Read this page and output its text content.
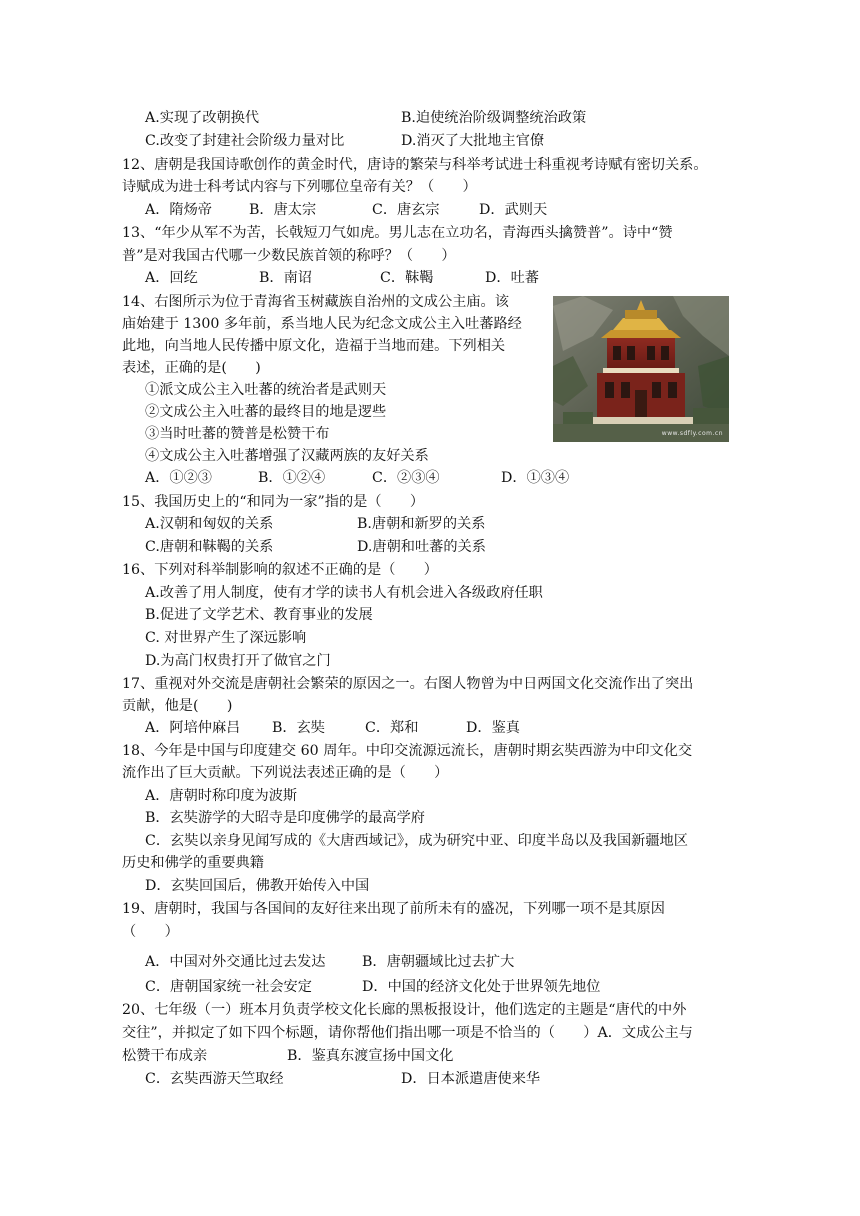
A.实现了改朝换代	B.迫使统治阶级调整统治政策
C.改变了封建社会阶级力量对比	D.消灭了大批地主官僚
12、唐朝是我国诗歌创作的黄金时代，唐诗的繁荣与科举考试进士科重视考诗赋有密切关系。
诗赋成为进士科考试内容与下列哪位皇帝有关？（　　）
A．隋炀帝	B．唐太宗	C．唐玄宗	D．武则天
13、“年少从军不为苦，长戟短刀气如虎。男儿志在立功名，青海西头擒赞普”。诗中“赞
普”是对我国古代哪一少数民族首领的称呼？（　　）
A．回纥	B．南诏	C．靺鞨	D．吐蕃
14、右图所示为位于青海省玉树藏族自治州的文成公主庙。该
庙始建于 1300 多年前，系当地人民为纪念文成公主入吐蕃路经
此地，向当地人民传播中原文化，造福于当地而建。下列相关
表述，正确的是(　　)
①派文成公主入吐蕃的统治者是武则天
②文成公主入吐蕃的最终目的地是逻些
③当时吐蕃的赞普是松赞干布
④文成公主入吐蕃增强了汉藏两族的友好关系
A．①②③	B．①②④	C．②③④	D．①③④
www.sdfly.com.cn
15、我国历史上的“和同为一家”指的是（　　）
A.汉朝和匈奴的关系	B.唐朝和新罗的关系
C.唐朝和靺鞨的关系	D.唐朝和吐蕃的关系
16、下列对科举制影响的叙述不正确的是（　　）
A.改善了用人制度，使有才学的读书人有机会进入各级政府任职
B.促进了文学艺术、教育事业的发展
C. 对世界产生了深远影响
D.为高门权贵打开了做官之门
17、重视对外交流是唐朝社会繁荣的原因之一。右图人物曾为中日两国文化交流作出了突出
贡献，他是(　　)
A．阿培仲麻吕 B．玄奘	C．郑和	D．鉴真
18、今年是中国与印度建交 60 周年。中印交流源远流长，唐朝时期玄奘西游为中印文化交
流作出了巨大贡献。下列说法表述正确的是（　　）
A．唐朝时称印度为波斯
B．玄奘游学的大昭寺是印度佛学的最高学府
C．玄奘以亲身见闻写成的《大唐西域记》，成为研究中亚、印度半岛以及我国新疆地区
历史和佛学的重要典籍
D．玄奘回国后，佛教开始传入中国
19、唐朝时，我国与各国间的友好往来出现了前所未有的盛况，下列哪一项不是其原因
（　　）
A．中国对外交通比过去发达	B．唐朝疆域比过去扩大
C．唐朝国家统一社会安定	D．中国的经济文化处于世界领先地位
20、七年级（一）班本月负责学校文化长廊的黑板报设计，他们选定的主题是“唐代的中外
交往”，并拟定了如下四个标题，请你帮他们指出哪一项是不恰当的（　　）A．文成公主与
松赞干布成亲	B．鉴真东渡宣扬中国文化
C．玄奘西游天竺取经	D．日本派遣唐使来华
